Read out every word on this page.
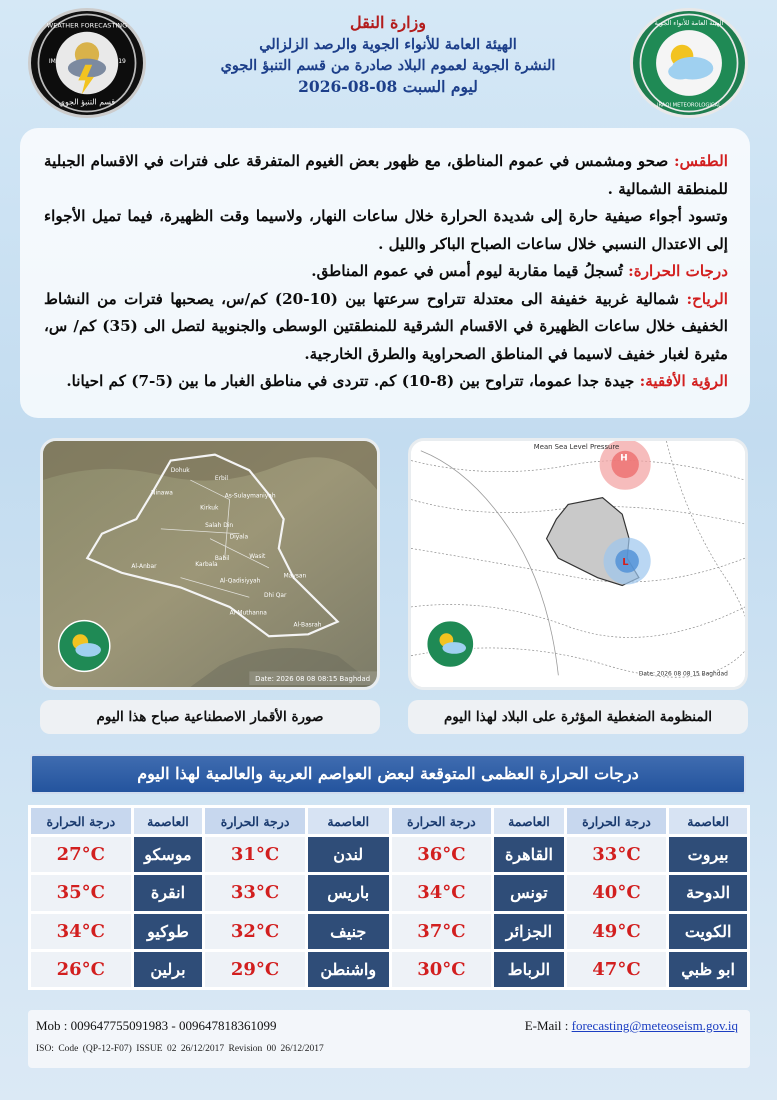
WEATHER FORECASTING
IM	19
قسم التنبؤ الجوي
الهيئة العامة للأنواء الجوية
IRAQI METEOROLOGICAL
وزارة النقل
الهيئة العامة للأنواء الجوية والرصد الزلزالي
النشرة الجوية لعموم البلاد صادرة من قسم التنبؤ الجوي
ليوم السبت 08-08-2026

الطقس: صحو ومشمس في عموم المناطق، مع ظهور بعض الغيوم المتفرقة على فترات في الاقسام الجبلية للمنطقة الشمالية .

وتسود أجواء صيفية حارة إلى شديدة الحرارة خلال ساعات النهار، ولاسيما وقت الظهيرة، فيما تميل الأجواء إلى الاعتدال النسبي خلال ساعات الصباح الباكر والليل .

درجات الحرارة: تُسجلُ قيما مقاربة ليوم أمس في عموم المناطق.

الرياح: شمالية غربية خفيفة الى معتدلة تتراوح سرعتها بين (10-20) كم/س، يصحبها فترات من النشاط الخفيف خلال ساعات الظهيرة في الاقسام الشرقية للمنطقتين الوسطى والجنوبية لتصل الى (35) كم/ س، مثيرة لغبار خفيف لاسيما في المناطق الصحراوية والطرق الخارجية.

الرؤية الأفقية: جيدة جدا عموما، تتراوح بين (8-10) كم. تتردى في مناطق الغبار ما بين (5-7) كم احيانا.

Dohuk
Erbil
Ninawa	As-Sulaymaniyah
Kirkuk
Salah Din
Diyala
Al-Anbar	Karbala
Babil	Wasit
Al-Qadisiyyah
Maysan
Dhi Qar
Al-Muthanna
Al-Basrah
Date: 2026 08 08 08:15 Baghdad
H
L
Mean Sea Level Pressure
Date: 2026 08 08 15 Baghdad
صورة الأقمار الاصطناعية صباح هذا اليوم	المنظومة الضغطية المؤثرة على البلاد لهذا اليوم
درجات الحرارة العظمى المتوقعة لبعض العواصم العربية والعالمية لهذا اليوم
العاصمة	درجة الحرارة	العاصمة	درجة الحرارة	العاصمة	درجة الحرارة	العاصمة	درجة الحرارة
بيروت	33°C	القاهرة	36°C	لندن	31°C	موسكو	27°C
الدوحة	40°C	تونس	34°C	باريس	33°C	انقرة	35°C
الكويت	49°C	الجزائر	37°C	جنيف	32°C	طوكيو	34°C
ابو ظبي	47°C	الرباط	30°C	واشنطن	29°C	برلين	26°C
Mob : 009647755091983 - 009647818361099	E-Mail : forecasting@meteoseism.gov.iq
ISO: Code (QP-12-F07) ISSUE 02 26/12/2017 Revision 00 26/12/2017
